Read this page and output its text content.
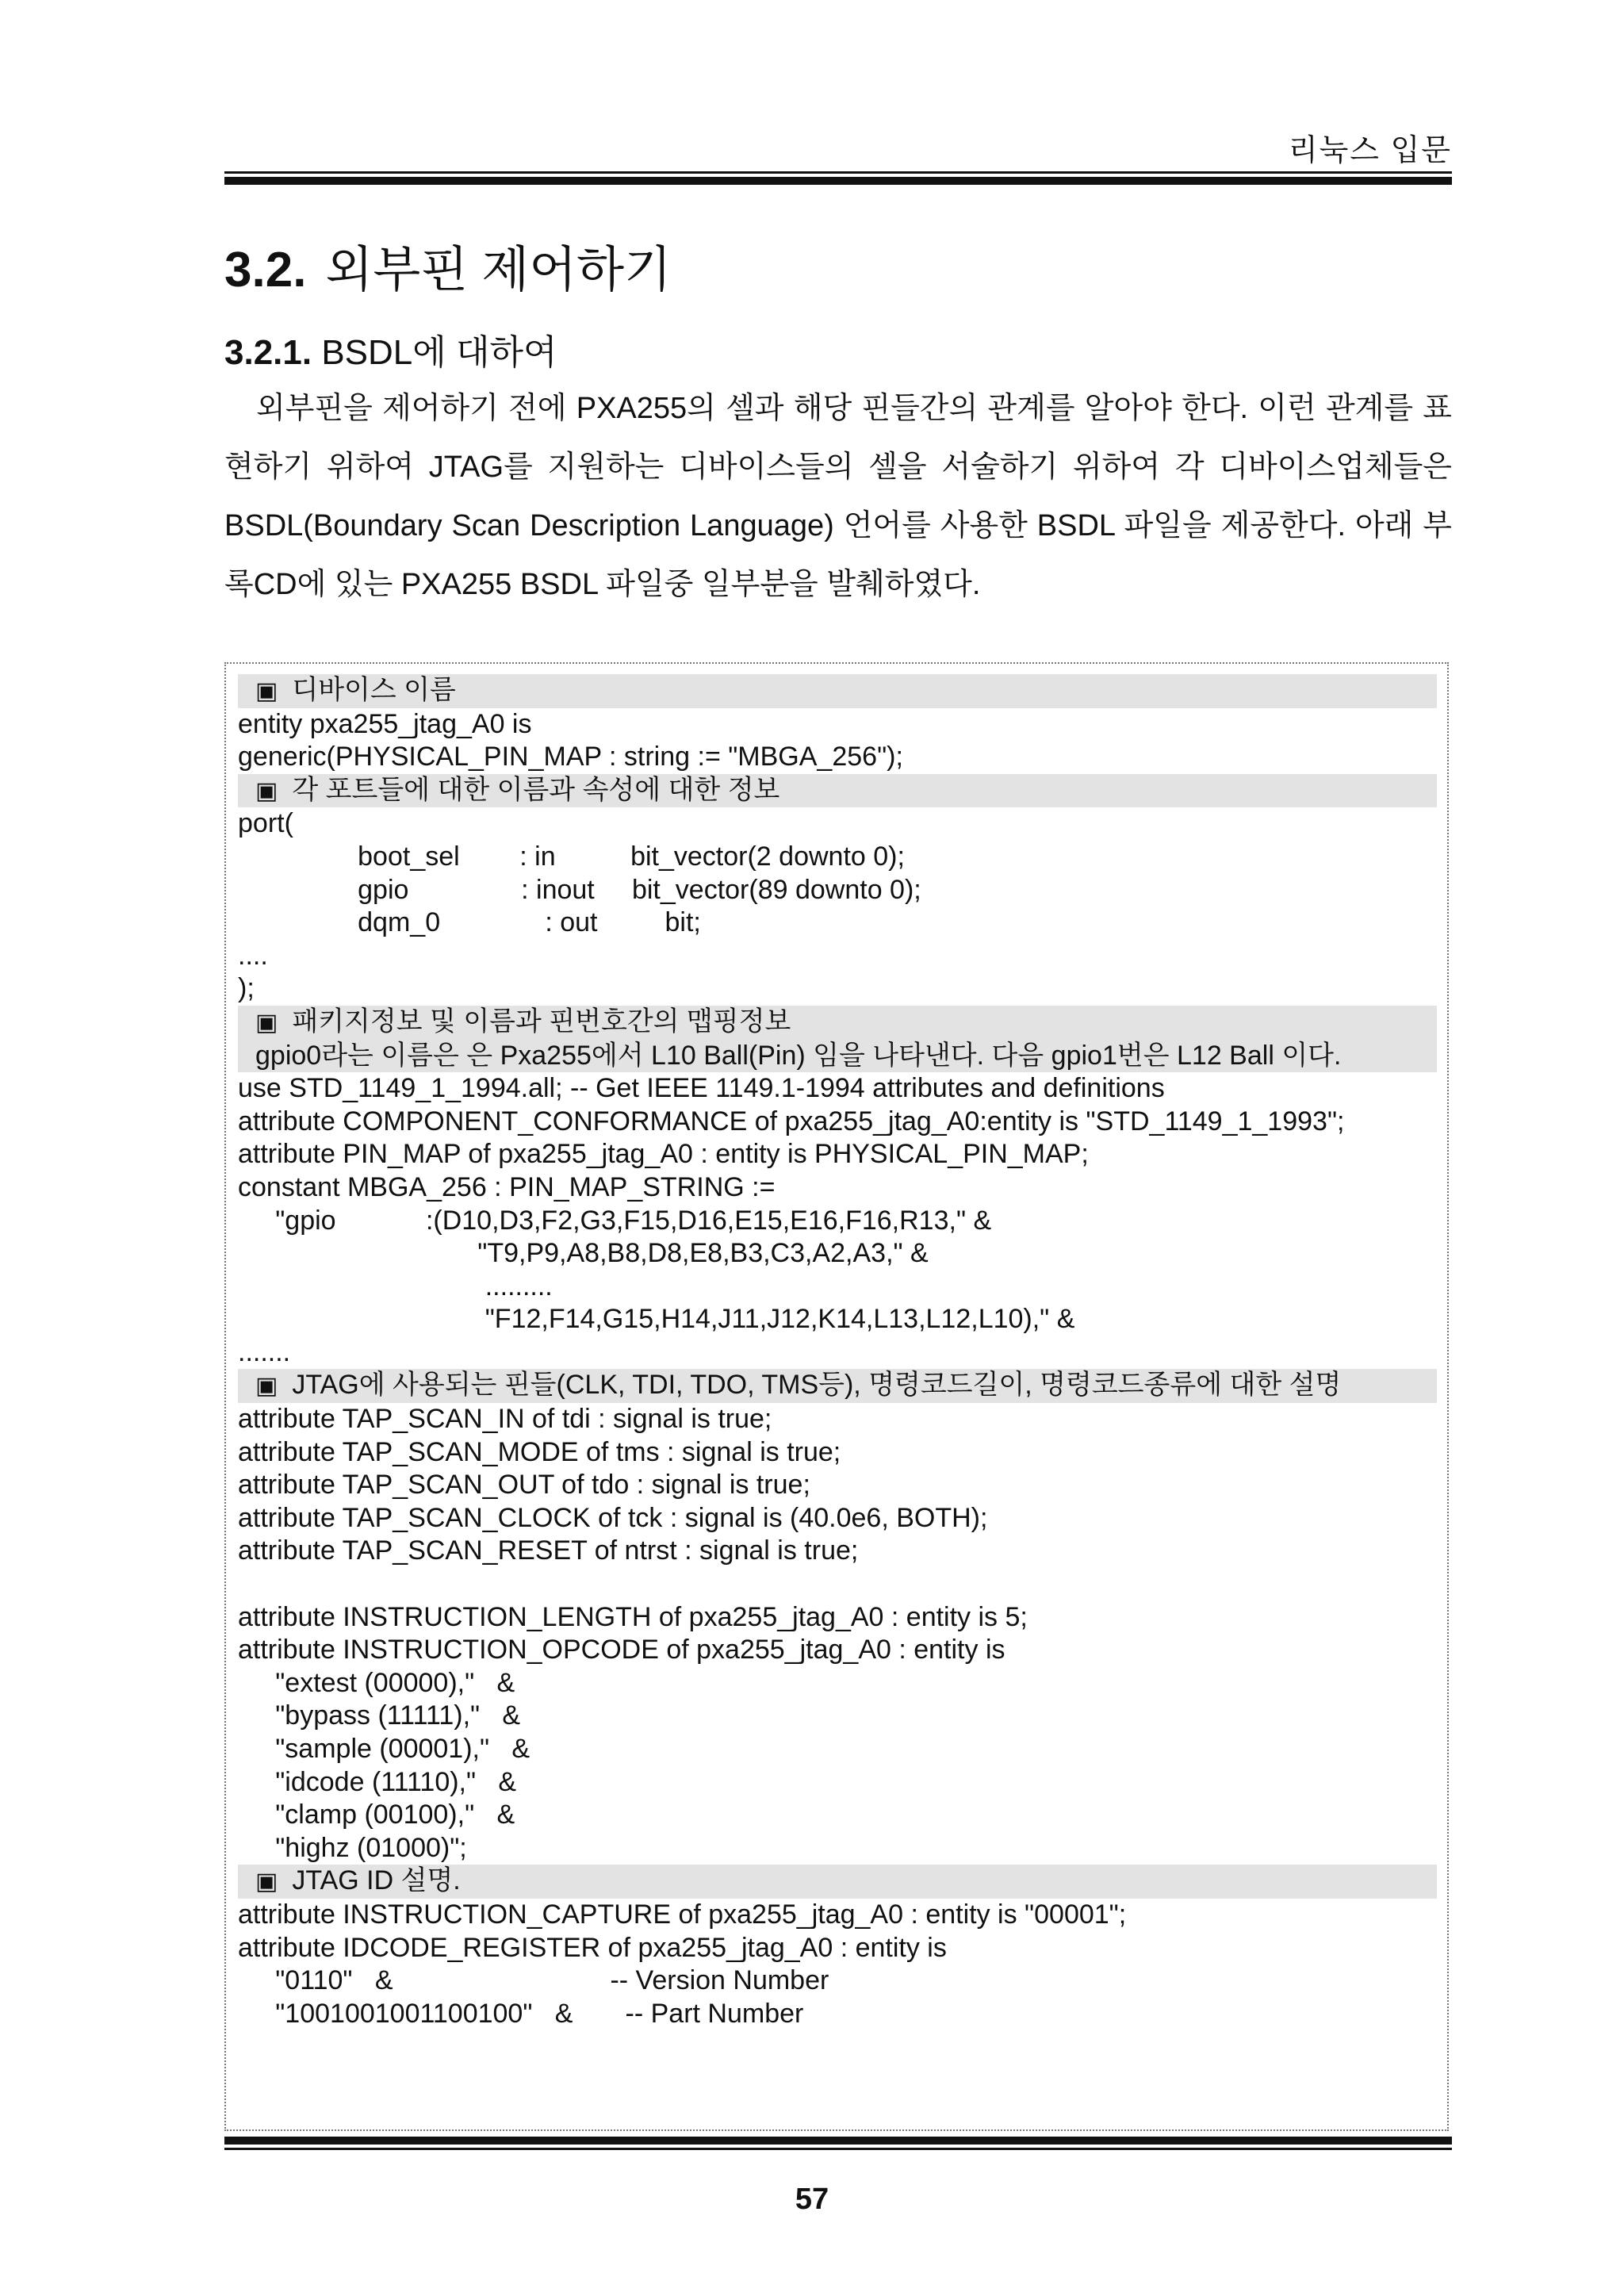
리눅스 입문
3.2. 외부핀 제어하기
3.2.1. BSDL에 대하여

외부핀을 제어하기 전에 PXA255의 셀과 해당 핀들간의 관계를 알아야 한다. 이런 관계를 표현하기 위하여 JTAG를 지원하는 디바이스들의 셀을 서술하기 위하여 각 디바이스업체들은 BSDL(Boundary Scan Description Language) 언어를 사용한 BSDL 파일을 제공한다. 아래 부록CD에 있는 PXA255 BSDL 파일중 일부분을 발췌하였다.

▣ 디바이스 이름
entity pxa255_jtag_A0 is
generic(PHYSICAL_PIN_MAP : string := "MBGA_256");
▣ 각 포트들에 대한 이름과 속성에 대한 정보
port(
boot_sel        : in          bit_vector(2 downto 0);
gpio               : inout     bit_vector(89 downto 0);
dqm_0              : out         bit;
....
);
▣ 패키지정보 및 이름과 핀번호간의 맵핑정보
gpio0라는 이름은 은 Pxa255에서 L10 Ball(Pin) 임을 나타낸다. 다음 gpio1번은 L12 Ball 이다.
use STD_1149_1_1994.all; -- Get IEEE 1149.1-1994 attributes and definitions
attribute COMPONENT_CONFORMANCE of pxa255_jtag_A0:entity is "STD_1149_1_1993";
attribute PIN_MAP of pxa255_jtag_A0 : entity is PHYSICAL_PIN_MAP;
constant MBGA_256 : PIN_MAP_STRING :=
"gpio            :(D10,D3,F2,G3,F15,D16,E15,E16,F16,R13," &
"T9,P9,A8,B8,D8,E8,B3,C3,A2,A3," &
.........
"F12,F14,G15,H14,J11,J12,K14,L13,L12,L10)," &
.......
▣ JTAG에 사용되는 핀들(CLK, TDI, TDO, TMS등), 명령코드길이, 명령코드종류에 대한 설명
attribute TAP_SCAN_IN of tdi : signal is true;
attribute TAP_SCAN_MODE of tms : signal is true;
attribute TAP_SCAN_OUT of tdo : signal is true;
attribute TAP_SCAN_CLOCK of tck : signal is (40.0e6, BOTH);
attribute TAP_SCAN_RESET of ntrst : signal is true;
attribute INSTRUCTION_LENGTH of pxa255_jtag_A0 : entity is 5;
attribute INSTRUCTION_OPCODE of pxa255_jtag_A0 : entity is
"extest (00000),"   &
"bypass (11111),"   &
"sample (00001),"   &
"idcode (11110),"   &
"clamp (00100),"   &
"highz (01000)";
▣ JTAG ID 설명.
attribute INSTRUCTION_CAPTURE of pxa255_jtag_A0 : entity is "00001";
attribute IDCODE_REGISTER of pxa255_jtag_A0 : entity is
"0110"   &                             -- Version Number
"1001001001100100"   &       -- Part Number
57
